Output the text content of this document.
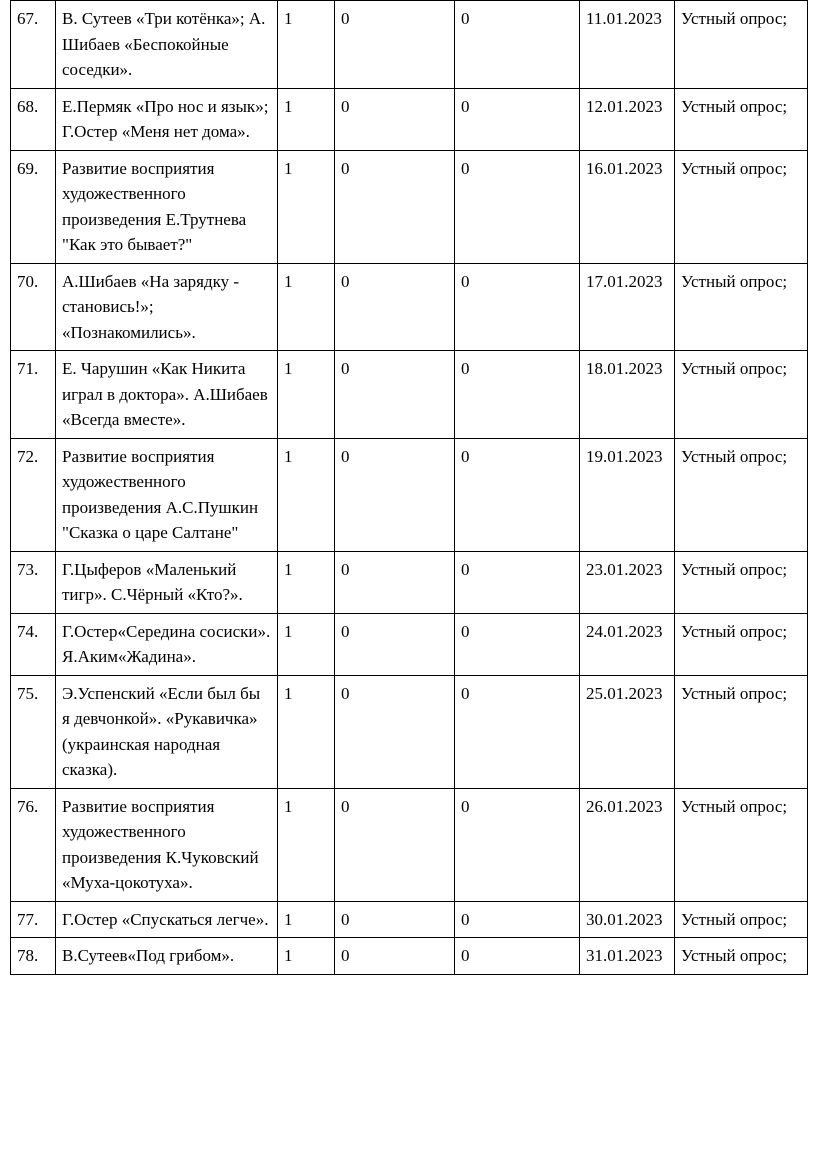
67.	В. Сутеев «Три котёнка»; А. Шибаев «Беспокойные соседки».	1	0	0	11.01.2023	Устный опрос;
68.	Е.Пермяк «Про нос и язык»; Г.Остер «Меня нет дома».	1	0	0	12.01.2023	Устный опрос;
69.	Развитие восприятия художественного произведения Е.Трутнева "Как это бывает?"	1	0	0	16.01.2023	Устный опрос;
70.	А.Шибаев «На зарядку - становись!»; «Познакомились».	1	0	0	17.01.2023	Устный опрос;
71.	Е. Чарушин «Как Никита играл в доктора». А.Шибаев «Всегда вместе».	1	0	0	18.01.2023	Устный опрос;
72.	Развитие восприятия художественного произведения А.С.Пушкин "Сказка о царе Салтане"	1	0	0	19.01.2023	Устный опрос;
73.	Г.Цыферов «Маленький тигр». С.Чёрный «Кто?».	1	0	0	23.01.2023	Устный опрос;
74.	Г.Остер«Середина сосиски». Я.Аким«Жадина».	1	0	0	24.01.2023	Устный опрос;
75.	Э.Успенский «Если был бы я девчонкой». «Рукавичка» (украинская народная сказка).	1	0	0	25.01.2023	Устный опрос;
76.	Развитие восприятия художественного произведения К.Чуковский «Муха-цокотуха».	1	0	0	26.01.2023	Устный опрос;
77.	Г.Остер «Спускаться легче».	1	0	0	30.01.2023	Устный опрос;
78.	В.Сутеев«Под грибом».	1	0	0	31.01.2023	Устный опрос;
